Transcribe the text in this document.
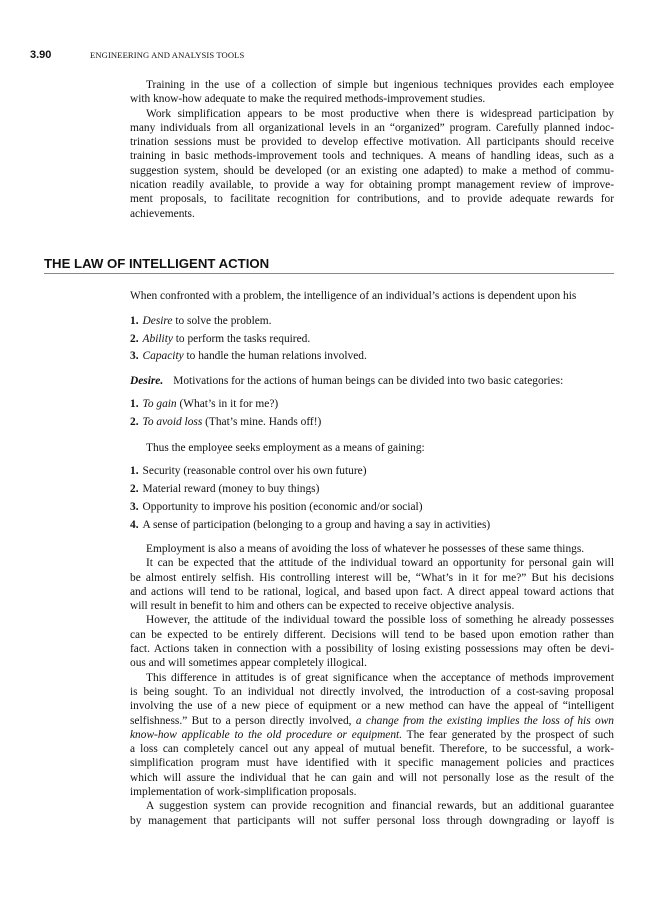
3.90	ENGINEERING AND ANALYSIS TOOLS
Training in the use of a collection of simple but ingenious techniques provides each employee
with know-how adequate to make the required methods-improvement studies.
Work simplification appears to be most productive when there is widespread participation by
many individuals from all organizational levels in an “organized” program. Carefully planned indoc-
trination sessions must be provided to develop effective motivation. All participants should receive
training in basic methods-improvement tools and techniques. A means of handling ideas, such as a
suggestion system, should be developed (or an existing one adapted) to make a method of commu-
nication readily available, to provide a way for obtaining prompt management review of improve-
ment proposals, to facilitate recognition for contributions, and to provide adequate rewards for
achievements.
THE LAW OF INTELLIGENT ACTION
When confronted with a problem, the intelligence of an individual’s actions is dependent upon his
1. Desire to solve the problem.
2. Ability to perform the tasks required.
3. Capacity to handle the human relations involved.
Desire. Motivations for the actions of human beings can be divided into two basic categories:
1. To gain (What’s in it for me?)
2. To avoid loss (That’s mine. Hands off!)
Thus the employee seeks employment as a means of gaining:
1. Security (reasonable control over his own future)
2. Material reward (money to buy things)
3. Opportunity to improve his position (economic and/or social)
4. A sense of participation (belonging to a group and having a say in activities)
Employment is also a means of avoiding the loss of whatever he possesses of these same things.
It can be expected that the attitude of the individual toward an opportunity for personal gain will
be almost entirely selfish. His controlling interest will be, “What’s in it for me?” But his decisions
and actions will tend to be rational, logical, and based upon fact. A direct appeal toward actions that
will result in benefit to him and others can be expected to receive objective analysis.
However, the attitude of the individual toward the possible loss of something he already possesses
can be expected to be entirely different. Decisions will tend to be based upon emotion rather than
fact. Actions taken in connection with a possibility of losing existing possessions may often be devi-
ous and will sometimes appear completely illogical.
This difference in attitudes is of great significance when the acceptance of methods improvement
is being sought. To an individual not directly involved, the introduction of a cost-saving proposal
involving the use of a new piece of equipment or a new method can have the appeal of “intelligent
selfishness.” But to a person directly involved, a change from the existing implies the loss of his own
know-how applicable to the old procedure or equipment. The fear generated by the prospect of such
a loss can completely cancel out any appeal of mutual benefit. Therefore, to be successful, a work-
simplification program must have identified with it specific management policies and practices
which will assure the individual that he can gain and will not personally lose as the result of the
implementation of work-simplification proposals.
A suggestion system can provide recognition and financial rewards, but an additional guarantee
by management that participants will not suffer personal loss through downgrading or layoff is
